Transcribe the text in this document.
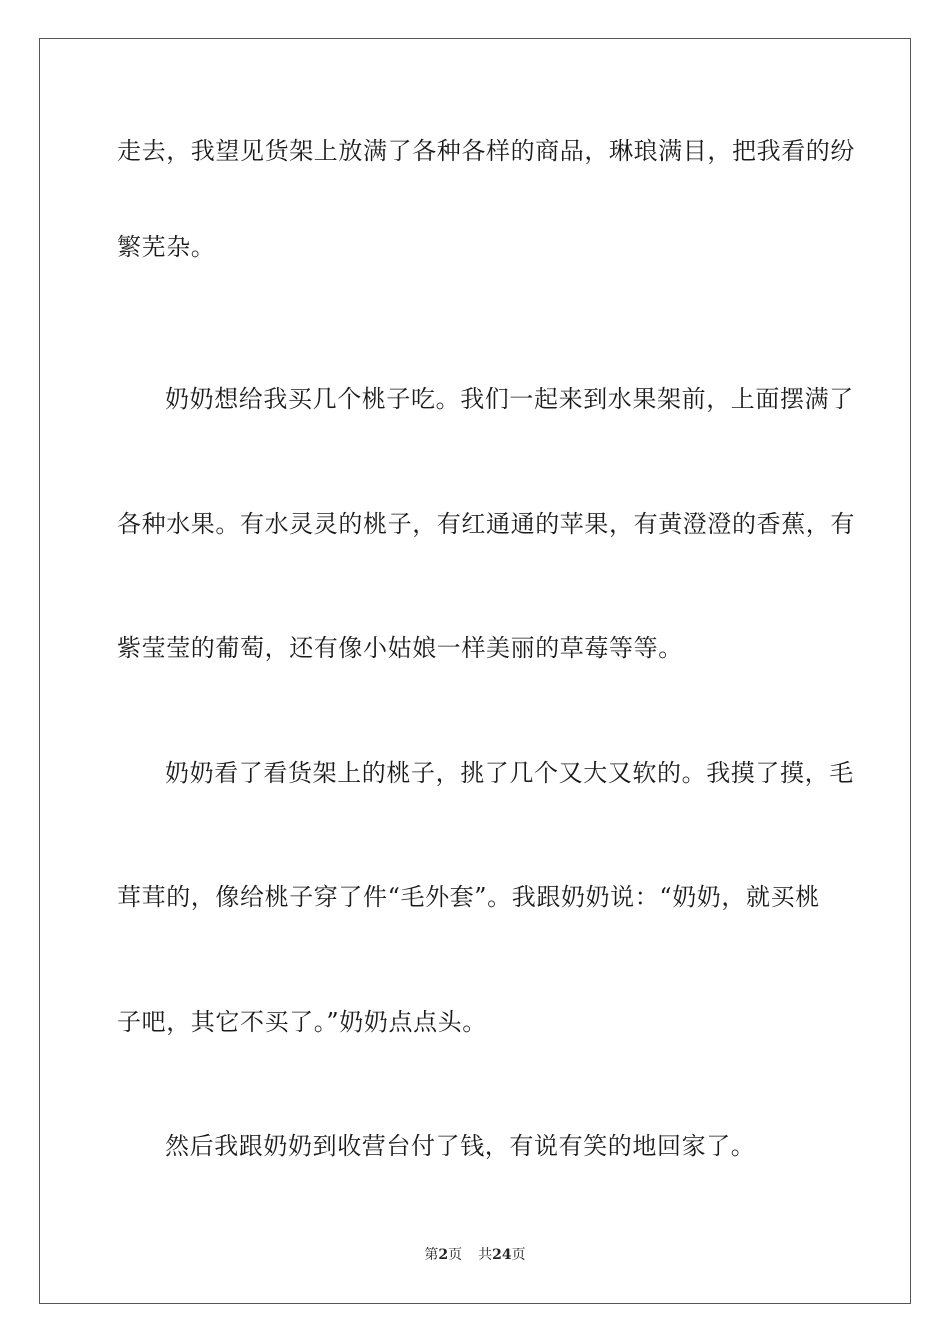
走去，我望见货架上放满了各种各样的商品，琳琅满目，把我看的纷
繁芜杂。
奶奶想给我买几个桃子吃。我们一起来到水果架前，上面摆满了
各种水果。有水灵灵的桃子，有红通通的苹果，有黄澄澄的香蕉，有
紫莹莹的葡萄，还有像小姑娘一样美丽的草莓等等。
奶奶看了看货架上的桃子，挑了几个又大又软的。我摸了摸，毛
茸茸的，像给桃子穿了件“毛外套”。我跟奶奶说：“奶奶，就买桃
子吧，其它不买了。”奶奶点点头。
然后我跟奶奶到收营台付了钱，有说有笑的地回家了。
第2页 共24页
